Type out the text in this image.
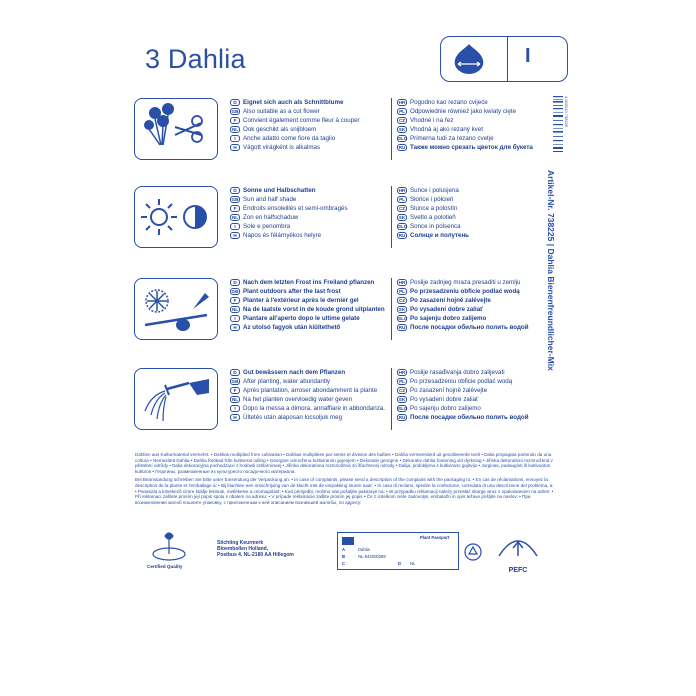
3 Dahlia	I
D	Eignet sich auch als Schnittblume
GB Also suitable as a cut flower
F	Convient également comme fleur à couper
NL Ook geschikt als snijbloem
I	Anche adatto come fiore da taglio
H	Vágott virágként is alkalmas
HR Pogodno kao rezano cvijeće
PL Odpowiednie również jako kwiaty cięte
CZ Vhodné i na řez
SK Vhodná aj ako rezaný kvet
SLO Primerna tudi za rezano cvetje
RU Также можно срезать цветок для букета
D	Sonne und Halbschatten
GB Sun and half shade
F	Endroits ensoleillés et semi-ombragés
NL Zon en halfschaduw
I	Sole e penombra
H	Napos és félárnyékos helyre
HR Sunce i polusjena
PL Słońce i półcień
CZ Slunce a polostín
SK Svetlo a polotieň
SLO Sonce in polsenca
RU Солнце и полутень
D	Nach dem letzten Frost ins Freiland pflanzen
GB Plant outdoors after the last frost
F	Planter à l'extérieur après le dernier gel
NL Na de laatste vorst in de koude grond uitplanten
I	Piantare all'aperto dopo le ultime gelate
H	Az utolsó fagyok után kiültethető
HR Poslije zadnjeg mraza presaditi u zemlju
PL Po przesadzeniu obficie podlać wodą
CZ Po zasazení hojně zalévejte
SK Po vysadení dobre zaliať
SLO Po sajenju dobro zalijemo
RU После посадки обильно полить водой
D	Gut bewässern nach dem Pflanzen
GB After planting, water abundantly
F	Après plantation, arroser abondamment la plante
NL Na het planten overvloedig water geven
I	Dopo la messa a dimora, annaffiare in abbondanza.
H	Ültetés után alaposan locsoljuk meg
HR Poslije rasađivanja dobro zalijevati
PL Po przesadzeniu obficie podlać wodą
CZ Po zasazení hojně zalévejte
SK Po vysadení dobre zaliať
SLO Po sajenju dobro zalijemo
RU После посадки обильно полить водой
4 000010 738225
Artikel-Nr. 738225 | Dahlia Bienenfreundlicher-Mix

Dahlien aus Kulturmaterial vermehrt. • Dahlias multiplied from cultivation • Dahlias multipliées par semis et division des bulbes • Dahlia vermeerderd uit gecultiveerde teelt • Dalia propagata partendo da una coltura • Nemesített Dahlia • Dahlia förökad från kultiverat odling • Georgine umnožena kultiviranim gojenjem • Dekorativ georgine • Dekorativ dahlia forøvning vid dyrkning • Jiřinka dekorativní rozmnožená z pěstební odrůdy • Dalia dekoracyjna pochodzące z hodowli szklarniowej • Jiřinka dekoratívna rozmnožená zo šľachtenej odrody • Dalija, pridobljena s kultivirano gojitvijo • Jurginas, padauginti iš kultivuotos kultūros • Георгины, размноженные из культурного посадочного материала.

Bei Beanstandung schreiben Sie bitte unter Einsendung der Verpackung an: • In case of complaints, please send a description of the complaint with the packaging to: • En cas de réclamations, envoyez la description de la plante et l'emballage à: • Bij klachten een omschrijving van de klacht met de verpakking sturen naar: • In caso di reclami, spedire la confezione, corredata di una descrizione del problema, a: • Panaszát a kövekező címre küldje lekiinak, mellékelve a csomagolást: • Kod primjedbi, molimo Vas pošaljite pakiranje na: • W przypadku reklamacji należy przesłać skargę wraz z opakowaniem na adres: • Při reklamaci zašlete prosím její popis spolu s obalem na adresu: • V prípade reklamácie zašlite prosím jej popis • Če z izdelkom niste zadovoljni, embalažo in opis težave pošljite na naslov: • При возникновении жалоб пошлите упаковку, с приложенным к ней описанием возникшей жалобы, по адресу:

Certified Quality
Stichting Keurmerk
Bloembollen Holland,
Postbus 4, NL-2180 AA Hillegom
Plant Passport
A	Dahlia
B	NL-944000289
C	D NL
PEFC
